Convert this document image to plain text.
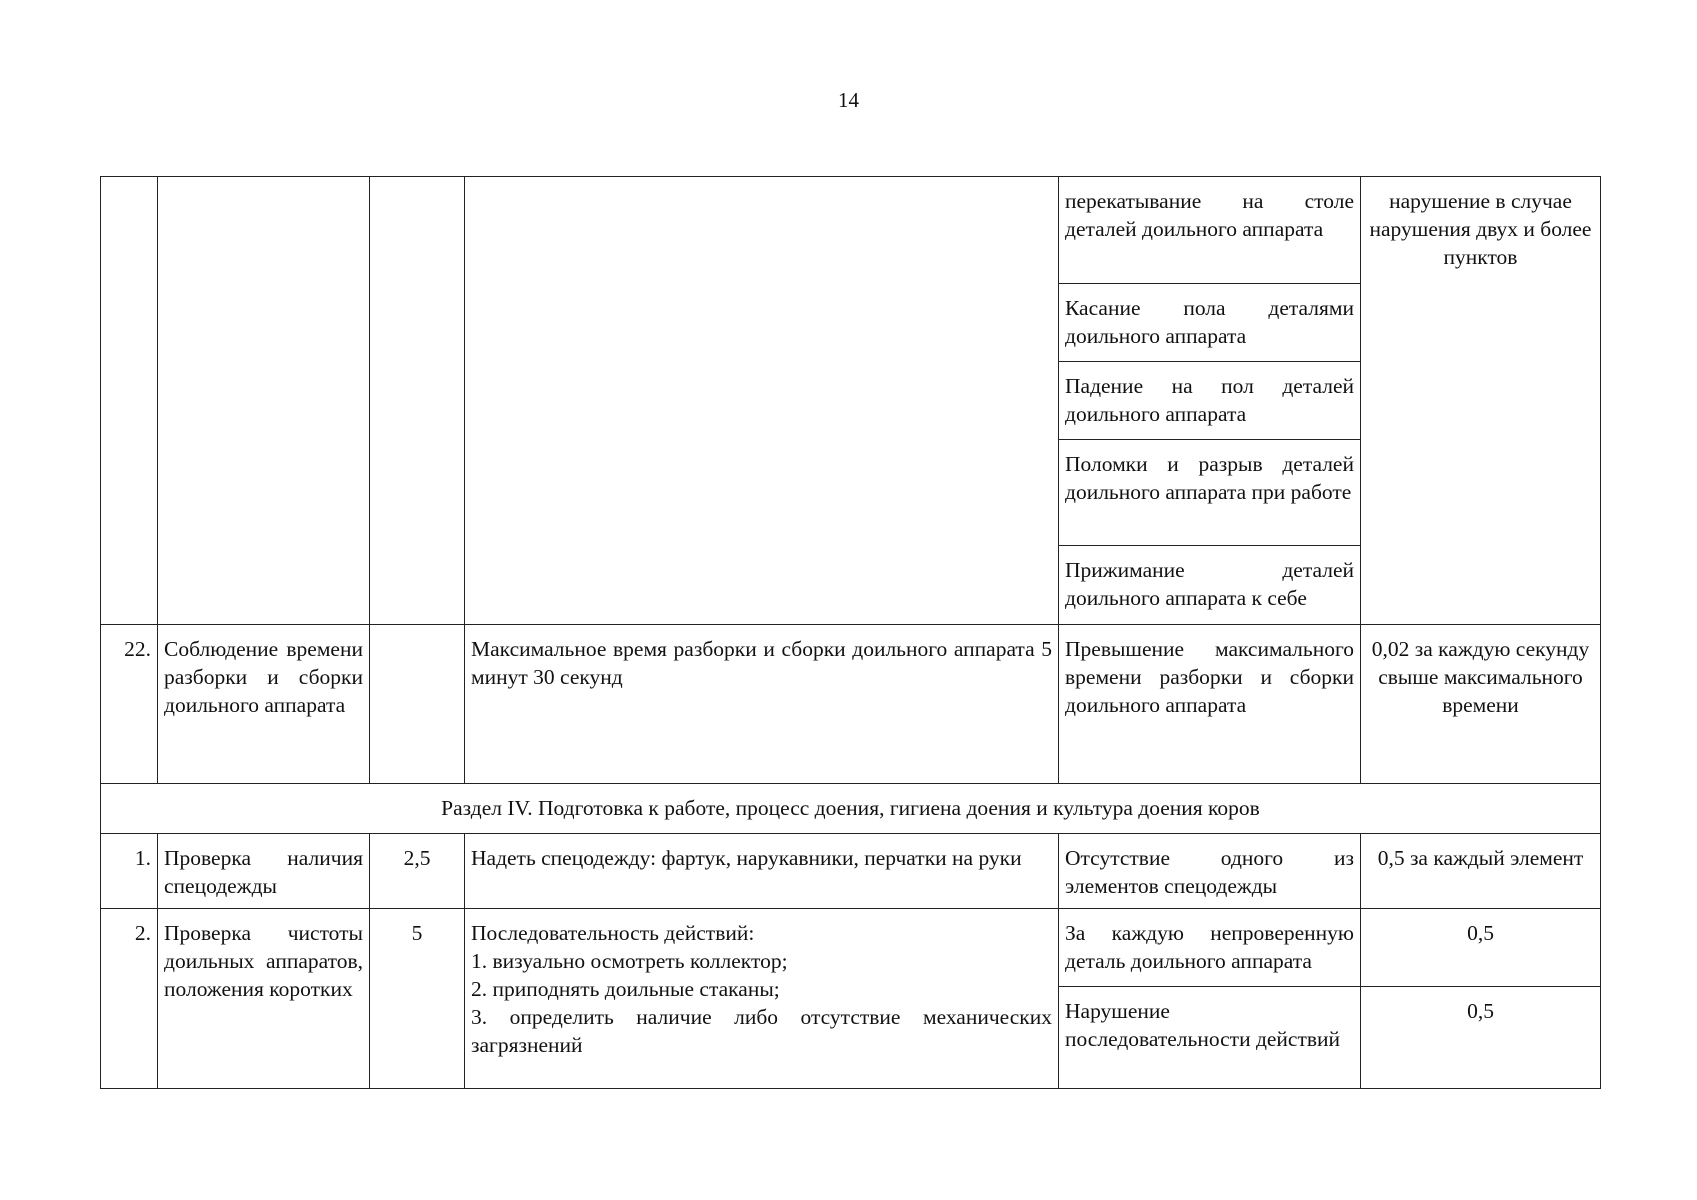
14
				перекатывание на столе деталей доильного аппарата	нарушение в случае нарушения двух и более пунктов
				Касание пола деталями доильного аппарата	
				Падение на пол деталей доильного аппарата	
				Поломки и разрыв деталей доильного аппарата при работе	
				Прижимание деталей доильного аппарата к себе	
22.	Соблюдение времени разборки и сборки доильного аппарата		Максимальное время разборки и сборки доильного аппарата 5 минут 30 секунд	Превышение максимального времени разборки и сборки доильного аппарата	0,02 за каждую секунду свыше максимального времени
Раздел IV. Подготовка к работе, процесс доения, гигиена доения и культура доения коров					
1.	Проверка наличия спецодежды	2,5	Надеть спецодежду: фартук, нарукавники, перчатки на руки	Отсутствие одного из элементов спецодежды	0,5 за каждый элемент
2.	Проверка чистоты доильных аппаратов, положения коротких	5	Последовательность действий:
1. визуально осмотреть коллектор;
2. приподнять доильные стаканы;
3. определить наличие либо отсутствие механических загрязнений	За каждую непроверенную деталь доильного аппарата	0,5
				Нарушение последовательности действий	0,5
